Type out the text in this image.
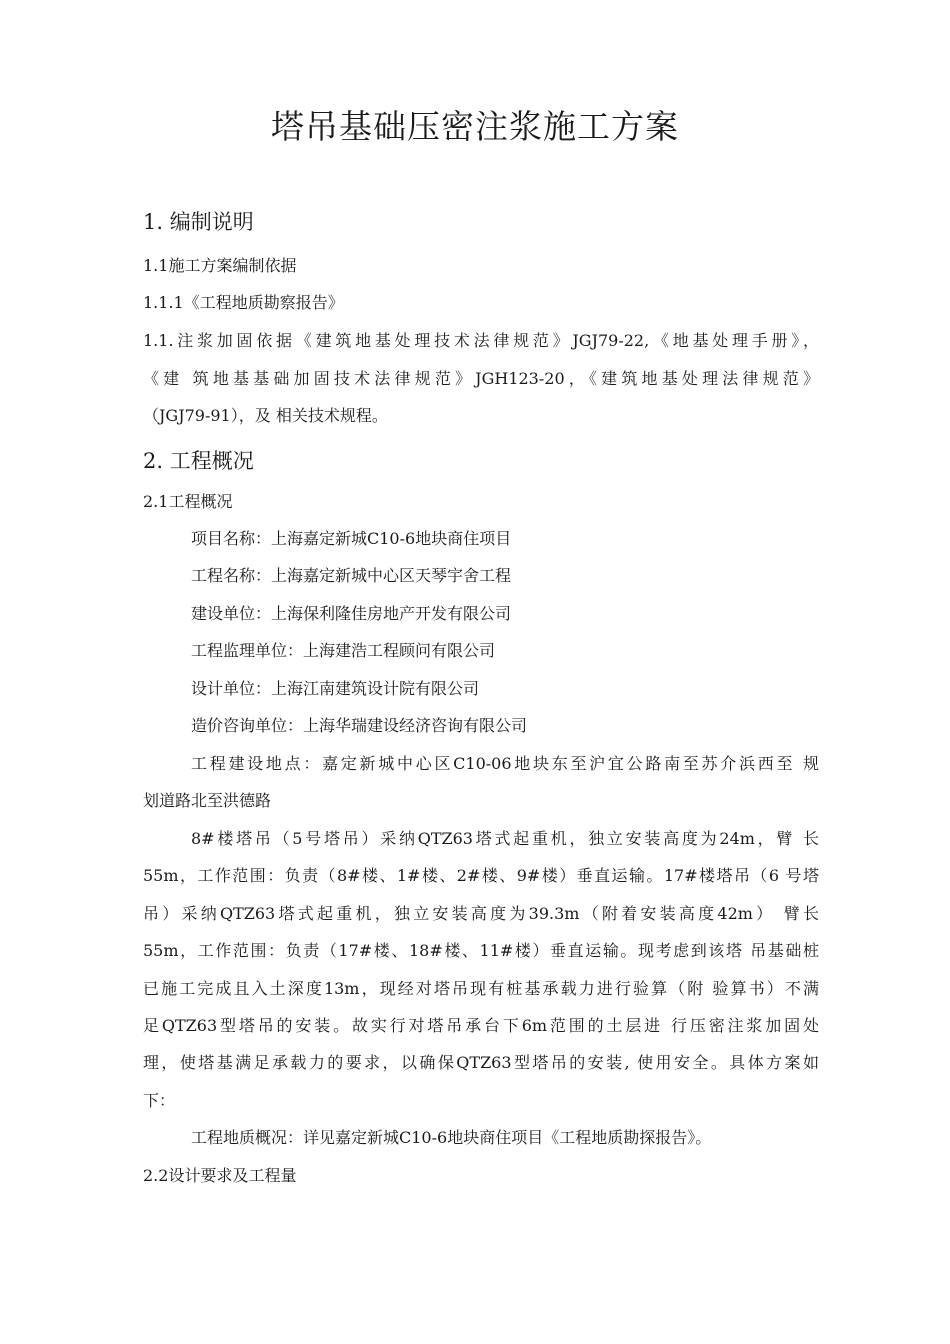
塔吊基础压密注浆施工方案
1. 编制说明

1.1施工方案编制依据

1.1.1《工程地质勘察报告》

1.1.注浆加固依据《建筑地基处理技术法律规范》JGJ79-22,《地基处理手册》，

《建 筑地基基础加固技术法律规范》JGH123-20，《建筑地基处理法律规范》

（JGJ79-91），及 相关技术规程。

2. 工程概况

2.1工程概况

项目名称：上海嘉定新城C10-6地块商住项目

工程名称：上海嘉定新城中心区天琴宇舍工程

建设单位：上海保利隆佳房地产开发有限公司

工程监理单位：上海建浩工程顾问有限公司

设计单位：上海江南建筑设计院有限公司

造价咨询单位：上海华瑞建设经济咨询有限公司

工程建设地点：嘉定新城中心区C10-06地块东至沪宜公路南至苏介浜西至 规

划道路北至洪德路

8#楼塔吊（5号塔吊）采纳QTZ63塔式起重机，独立安装高度为24m，臂 长

55m，工作范围：负责（8#楼、1#楼、2#楼、9#楼）垂直运输。17#楼塔吊（6 号塔

吊）采纳QTZ63塔式起重机，独立安装高度为39.3m（附着安装高度42m） 臂长

55m，工作范围：负责（17#楼、18#楼、11#楼）垂直运输。现考虑到该塔 吊基础桩

已施工完成且入土深度13m，现经对塔吊现有桩基承载力进行验算（附 验算书）不满

足QTZ63型塔吊的安装。故实行对塔吊承台下6m范围的土层进 行压密注浆加固处

理，使塔基满足承载力的要求，以确保QTZ63型塔吊的安装, 使用安全。具体方案如

下：

工程地质概况：详见嘉定新城C10-6地块商住项目《工程地质勘探报告》。

2.2设计要求及工程量
